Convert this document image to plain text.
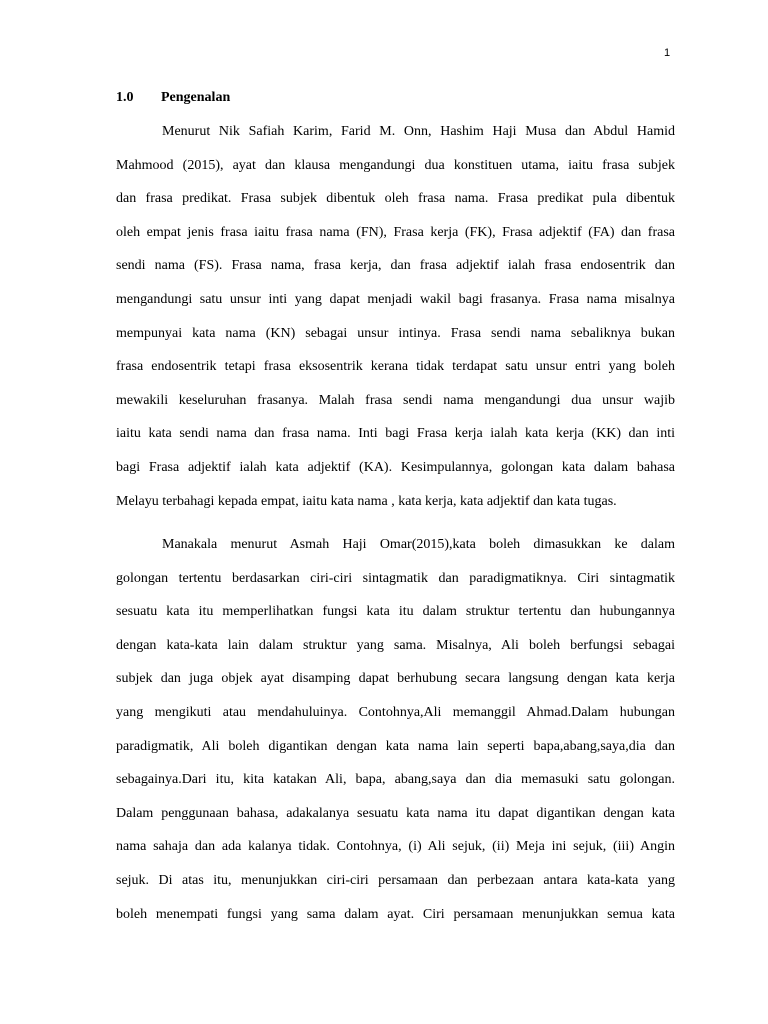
1
1.0 Pengenalan
Menurut Nik Safiah Karim, Farid M. Onn, Hashim Haji Musa dan Abdul Hamid
Mahmood (2015), ayat dan klausa mengandungi dua konstituen utama, iaitu frasa subjek
dan frasa predikat. Frasa subjek dibentuk oleh frasa nama. Frasa predikat pula dibentuk
oleh empat jenis frasa iaitu frasa nama (FN), Frasa kerja (FK), Frasa adjektif (FA) dan frasa
sendi nama (FS). Frasa nama, frasa kerja, dan frasa adjektif ialah frasa endosentrik dan
mengandungi satu unsur inti yang dapat menjadi wakil bagi frasanya. Frasa nama misalnya
mempunyai kata nama (KN) sebagai unsur intinya. Frasa sendi nama sebaliknya bukan
frasa endosentrik tetapi frasa eksosentrik kerana tidak terdapat satu unsur entri yang boleh
mewakili keseluruhan frasanya. Malah frasa sendi nama mengandungi dua unsur wajib
iaitu kata sendi nama dan frasa nama. Inti bagi Frasa kerja ialah kata kerja (KK) dan inti
bagi Frasa adjektif ialah kata adjektif (KA). Kesimpulannya, golongan kata dalam bahasa
Melayu terbahagi kepada empat, iaitu kata nama , kata kerja, kata adjektif dan kata tugas.
Manakala menurut Asmah Haji Omar(2015),kata boleh dimasukkan ke dalam
golongan tertentu berdasarkan ciri-ciri sintagmatik dan paradigmatiknya. Ciri sintagmatik
sesuatu kata itu memperlihatkan fungsi kata itu dalam struktur tertentu dan hubungannya
dengan kata-kata lain dalam struktur yang sama. Misalnya, Ali boleh berfungsi sebagai
subjek dan juga objek ayat disamping dapat berhubung secara langsung dengan kata kerja
yang mengikuti atau mendahuluinya. Contohnya,Ali memanggil Ahmad.Dalam hubungan
paradigmatik, Ali boleh digantikan dengan kata nama lain seperti bapa,abang,saya,dia dan
sebagainya.Dari itu, kita katakan Ali, bapa, abang,saya dan dia memasuki satu golongan.
Dalam penggunaan bahasa, adakalanya sesuatu kata nama itu dapat digantikan dengan kata
nama sahaja dan ada kalanya tidak. Contohnya, (i) Ali sejuk, (ii) Meja ini sejuk, (iii) Angin
sejuk. Di atas itu, menunjukkan ciri-ciri persamaan dan perbezaan antara kata-kata yang
boleh menempati fungsi yang sama dalam ayat. Ciri persamaan menunjukkan semua kata
